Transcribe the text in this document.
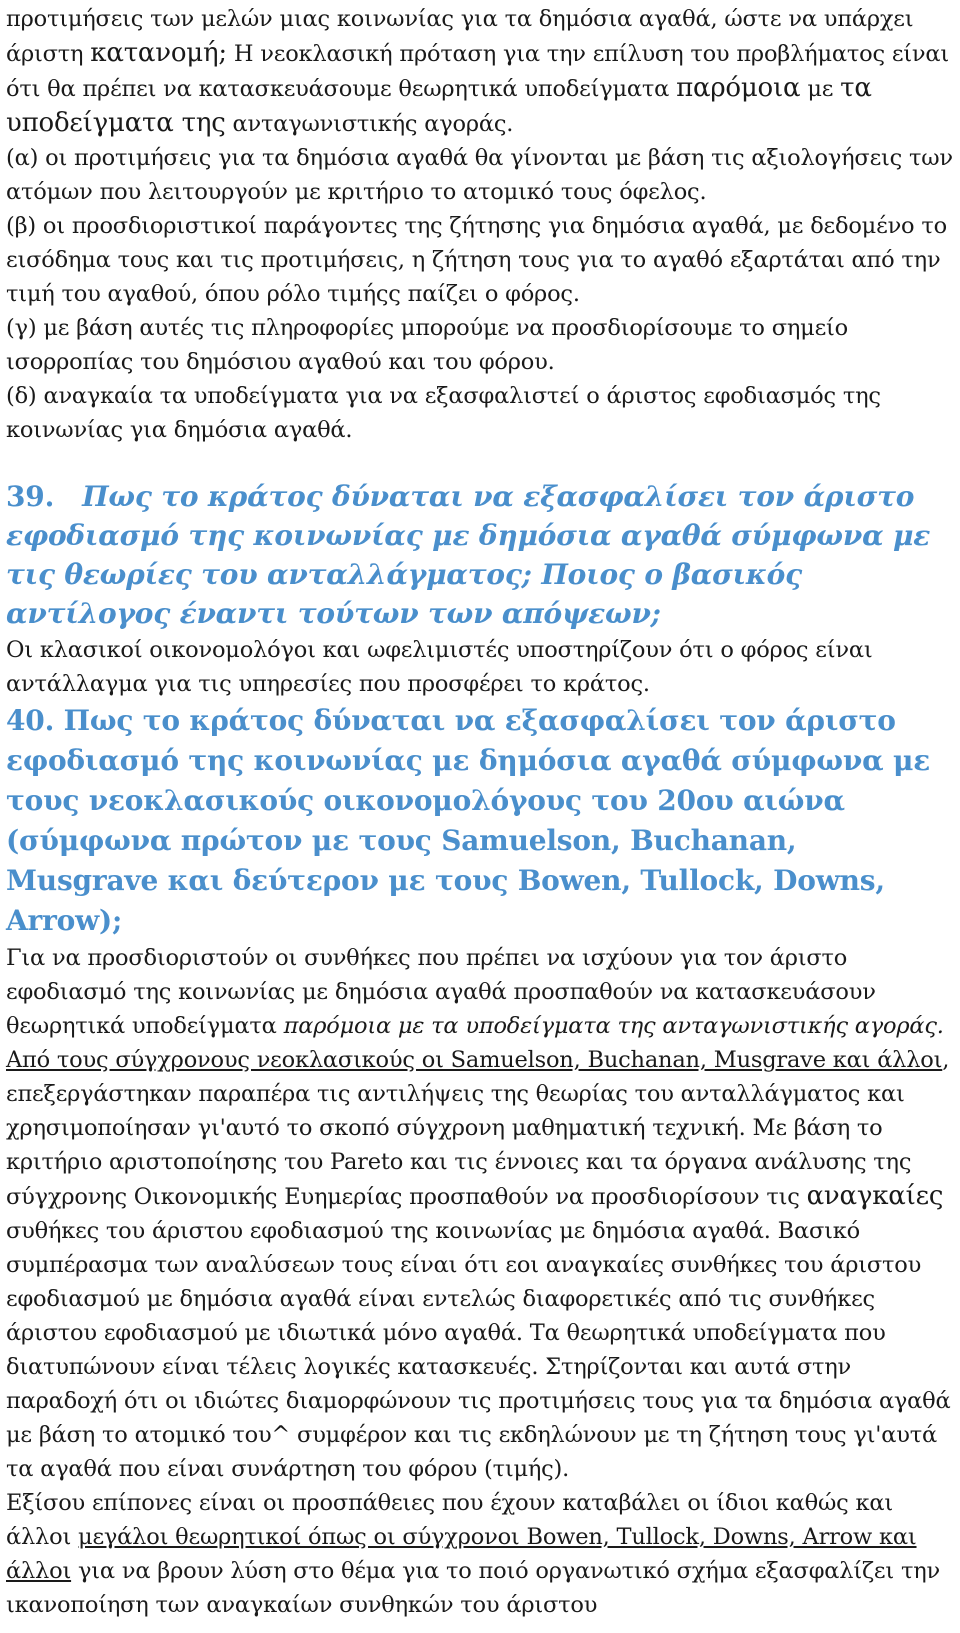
προτιμήσεις των μελών μιας κοινωνίας για τα δημόσια αγαθά, ώστε να υπάρχει άριστη κατανομή; Η νεοκλασική πρόταση για την επίλυση του προβλήματος είναι ότι θα πρέπει να κατασκευάσουμε θεωρητικά υποδείγματα παρόμοια με τα υποδείγματα της ανταγωνιστικής αγοράς.

(α) οι προτιμήσεις για τα δημόσια αγαθά θα γίνονται με βάση τις αξιολογήσεις των ατόμων που λειτουργούν με κριτήριο το ατομικό τους όφελος.

(β) οι προσδιοριστικοί παράγοντες της ζήτησης για δημόσια αγαθά, με δεδομένο το εισόδημα τους και τις προτιμήσεις, η ζήτηση τους για το αγαθό εξαρτάται από την τιμή του αγαθού, όπου ρόλο τιμήςς παίζει ο φόρος.

(γ) με βάση αυτές τις πληροφορίες μπορούμε να προσδιορίσουμε το σημείο ισορροπίας του δημόσιου αγαθού και του φόρου.

(δ) αναγκαία τα υποδείγματα για να εξασφαλιστεί ο άριστος εφοδιασμός της κοινωνίας για δημόσια αγαθά.

39. Πως το κράτος δύναται να εξασφαλίσει τον άριστο εφοδιασμό της κοινωνίας με δημόσια αγαθά σύμφωνα με τις θεωρίες του ανταλλάγματος; Ποιος ο βασικός αντίλογος έναντι τούτων των απόψεων;

Οι κλασικοί οικονομολόγοι και ωφελιμιστές υποστηρίζουν ότι ο φόρος είναι αντάλλαγμα για τις υπηρεσίες που προσφέρει το κράτος.

40. Πως το κράτος δύναται να εξασφαλίσει τον άριστο εφοδιασμό της κοινωνίας με δημόσια αγαθά σύμφωνα με τους νεοκλασικούς οικονομολόγους του 20ου αιώνα (σύμφωνα πρώτον με τους Samuelson, Buchanan, Musgrave και δεύτερον με τους Bowen, Tullock, Downs, Arrow);

Για να προσδιοριστούν οι συνθήκες που πρέπει να ισχύουν για τον άριστο εφοδιασμό της κοινωνίας με δημόσια αγαθά προσπαθούν να κατασκευάσουν θεωρητικά υποδείγματα παρόμοια με τα υποδείγματα της ανταγωνιστικής αγοράς. Από τους σύγχρονους νεοκλασικούς οι Samuelson, Buchanan, Musgrave και άλλοι, επεξεργάστηκαν παραπέρα τις αντιλήψεις της θεωρίας του ανταλλάγματος και χρησιμοποίησαν γι'αυτό το σκοπό σύγχρονη μαθηματική τεχνική. Με βάση το κριτήριο αριστοποίησης του Pareto και τις έννοιες και τα όργανα ανάλυσης της σύγχρονης Οικονομικής Ευημερίας προσπαθούν να προσδιορίσουν τις αναγκαίες συθήκες του άριστου εφοδιασμού της κοινωνίας με δημόσια αγαθά. Βασικό συμπέρασμα των αναλύσεων τους είναι ότι εοι αναγκαίες συνθήκες του άριστου εφοδιασμού με δημόσια αγαθά είναι εντελώς διαφορετικές από τις συνθήκες άριστου εφοδιασμού με ιδιωτικά μόνο αγαθά. Τα θεωρητικά υποδείγματα που διατυπώνουν είναι τέλεις λογικές κατασκευές. Στηρίζονται και αυτά στην παραδοχή ότι οι ιδιώτες διαμορφώνουν τις προτιμήσεις τους για τα δημόσια αγαθά με βάση το ατομικό του^ συμφέρον και τις εκδηλώνουν με τη ζήτηση τους γι'αυτά τα αγαθά που είναι συνάρτηση του φόρου (τιμής).

Εξίσου επίπονες είναι οι προσπάθειες που έχουν καταβάλει οι ίδιοι καθώς και άλλοι μεγάλοι θεωρητικοί όπως οι σύγχρονοι Bowen, Tullock, Downs, Arrow και άλλοι για να βρουν λύση στο θέμα για το ποιό οργανωτικό σχήμα εξασφαλίζει την ικανοποίηση των αναγκαίων συνθηκών του άριστου
